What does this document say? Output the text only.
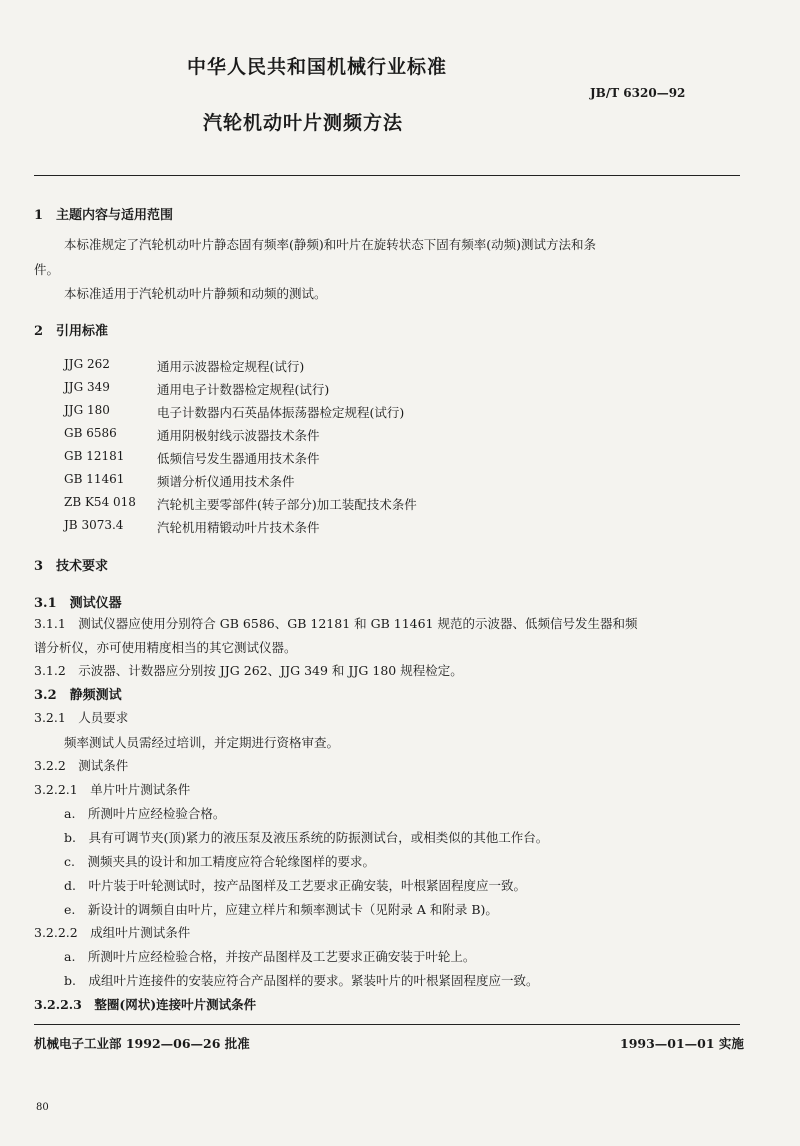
中华人民共和国机械行业标准
JB/T 6320—92
汽轮机动叶片测频方法
1　主题内容与适用范围
本标准规定了汽轮机动叶片静态固有频率(静频)和叶片在旋转状态下固有频率(动频)测试方法和条
件。
本标准适用于汽轮机动叶片静频和动频的测试。
2　引用标准
JJG 262	通用示波器检定规程(试行)
JJG 349	通用电子计数器检定规程(试行)
JJG 180	电子计数器内石英晶体振荡器检定规程(试行)
GB 6586	通用阴极射线示波器技术条件
GB 12181	低频信号发生器通用技术条件
GB 11461	频谱分析仪通用技术条件
ZB K54 018 汽轮机主要零部件(转子部分)加工装配技术条件
JB 3073.4	汽轮机用精锻动叶片技术条件
3　技术要求
3.1　测试仪器
3.1.1　测试仪器应使用分别符合 GB 6586、GB 12181 和 GB 11461 规范的示波器、低频信号发生器和频
谱分析仪，亦可使用精度相当的其它测试仪器。
3.1.2　示波器、计数器应分别按 JJG 262、JJG 349 和 JJG 180 规程检定。
3.2　静频测试
3.2.1　人员要求
频率测试人员需经过培训，并定期进行资格审查。
3.2.2　测试条件
3.2.2.1　单片叶片测试条件
a.　所测叶片应经检验合格。
b.　具有可调节夹(顶)紧力的液压泵及液压系统的防振测试台，或相类似的其他工作台。
c.　测频夹具的设计和加工精度应符合轮缘图样的要求。
d.　叶片装于叶轮测试时，按产品图样及工艺要求正确安装，叶根紧固程度应一致。
e.　新设计的调频自由叶片，应建立样片和频率测试卡（见附录 A 和附录 B)。
3.2.2.2　成组叶片测试条件
a.　所测叶片应经检验合格，并按产品图样及工艺要求正确安装于叶轮上。
b.　成组叶片连接件的安装应符合产品图样的要求。紧装叶片的叶根紧固程度应一致。
3.2.2.3　整圈(网状)连接叶片测试条件
机械电子工业部 1992—06—26 批准	1993—01—01 实施
80
